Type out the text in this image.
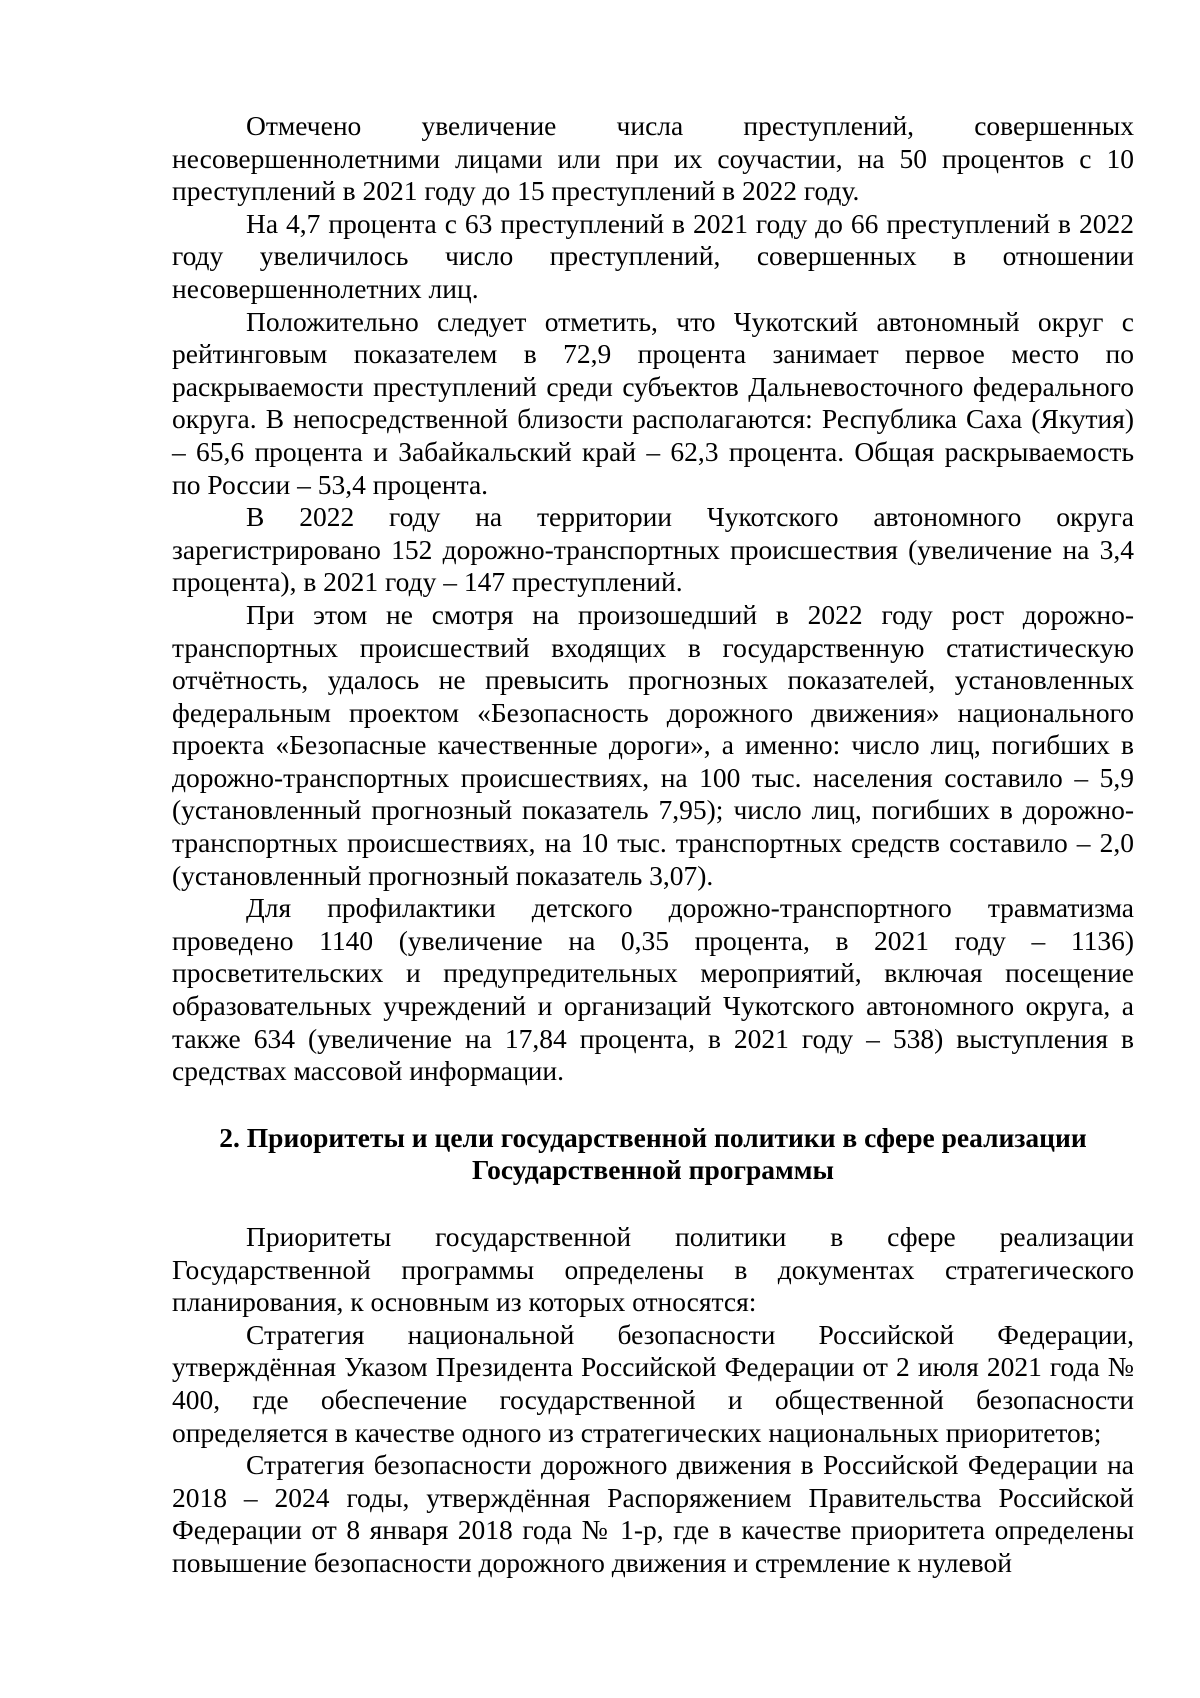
Отмечено увеличение числа преступлений, совершенных несовершеннолетними лицами или при их соучастии, на 50 процентов с 10 преступлений в 2021 году до 15 преступлений в 2022 году.

На 4,7 процента с 63 преступлений в 2021 году до 66 преступлений в 2022 году увеличилось число преступлений, совершенных в отношении несовершеннолетних лиц.

Положительно следует отметить, что Чукотский автономный округ с рейтинговым показателем в 72,9 процента занимает первое место по раскрываемости преступлений среди субъектов Дальневосточного федерального округа. В непосредственной близости располагаются: Республика Саха (Якутия) – 65,6 процента и Забайкальский край – 62,3 процента. Общая раскрываемость по России – 53,4 процента.

В 2022 году на территории Чукотского автономного округа зарегистрировано 152 дорожно-транспортных происшествия (увеличение на 3,4 процента), в 2021 году – 147 преступлений.

При этом не смотря на произошедший в 2022 году рост дорожно-транспортных происшествий входящих в государственную статистическую отчётность, удалось не превысить прогнозных показателей, установленных федеральным проектом «Безопасность дорожного движения» национального проекта «Безопасные качественные дороги», а именно: число лиц, погибших в дорожно-транспортных происшествиях, на 100 тыс. населения составило – 5,9 (установленный прогнозный показатель 7,95); число лиц, погибших в дорожно-транспортных происшествиях, на 10 тыс. транспортных средств составило – 2,0 (установленный прогнозный показатель 3,07).

Для профилактики детского дорожно-транспортного травматизма проведено 1140 (увеличение на 0,35 процента, в 2021 году – 1136) просветительских и предупредительных мероприятий, включая посещение образовательных учреждений и организаций Чукотского автономного округа, а также 634 (увеличение на 17,84 процента, в 2021 году – 538) выступления в средствах массовой информации.

2. Приоритеты и цели государственной политики в сфере реализации
Государственной программы

Приоритеты государственной политики в сфере реализации Государственной программы определены в документах стратегического планирования, к основным из которых относятся:

Стратегия национальной безопасности Российской Федерации, утверждённая Указом Президента Российской Федерации от 2 июля 2021 года № 400, где обеспечение государственной и общественной безопасности определяется в качестве одного из стратегических национальных приоритетов;

Стратегия безопасности дорожного движения в Российской Федерации на 2018 – 2024 годы, утверждённая Распоряжением Правительства Российской Федерации от 8 января 2018 года № 1-р, где в качестве приоритета определены повышение безопасности дорожного движения и стремление к нулевой
